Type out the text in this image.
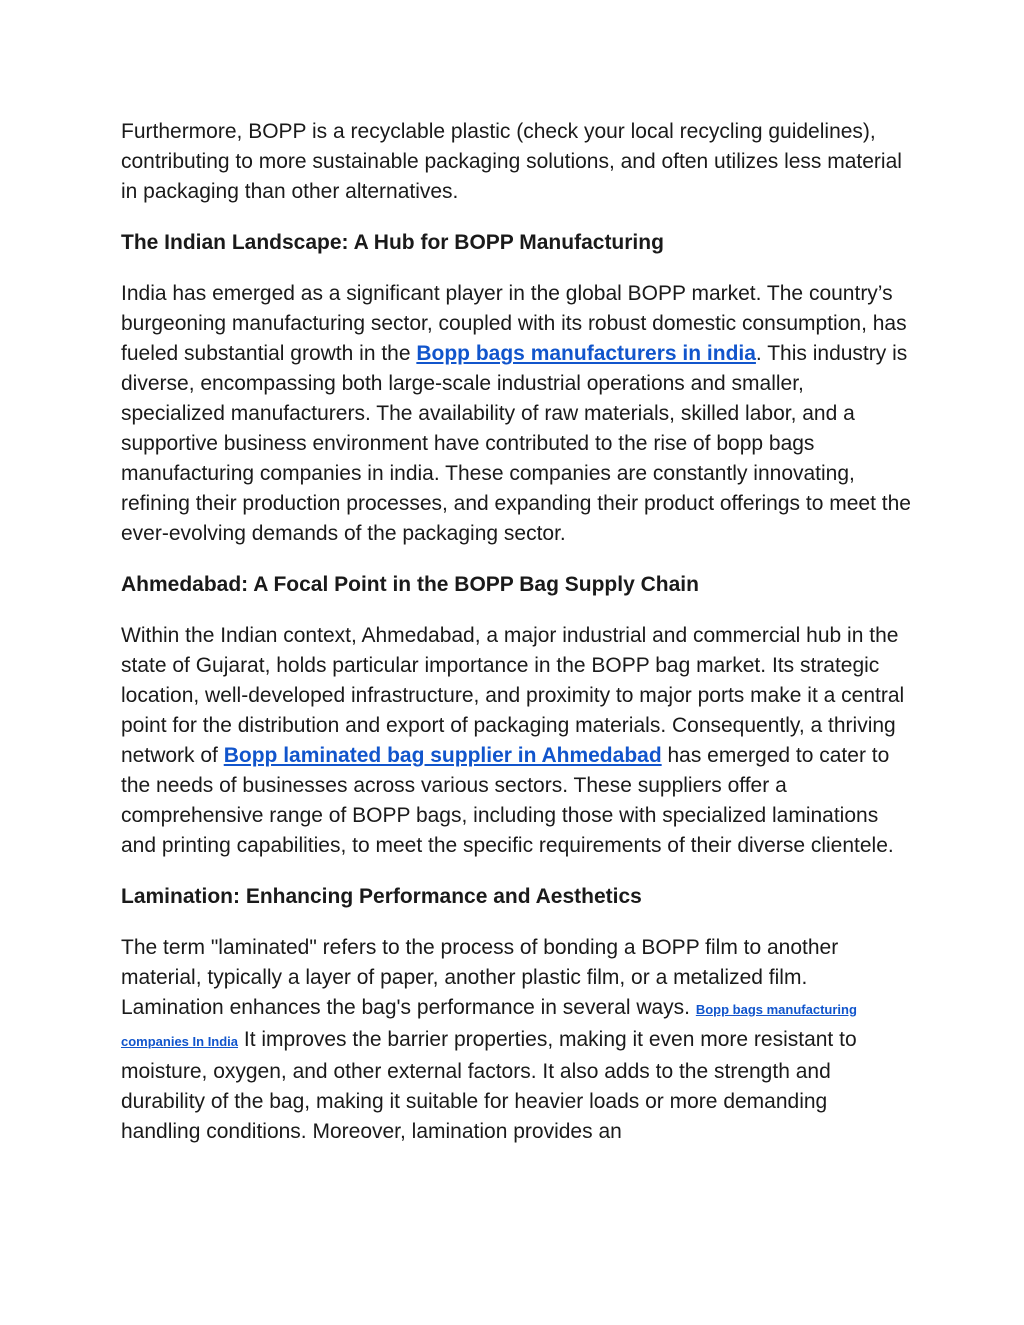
Furthermore, BOPP is a recyclable plastic (check your local recycling guidelines), contributing to more sustainable packaging solutions, and often utilizes less material in packaging than other alternatives.

The Indian Landscape: A Hub for BOPP Manufacturing

India has emerged as a significant player in the global BOPP market. The country’s burgeoning manufacturing sector, coupled with its robust domestic consumption, has fueled substantial growth in the Bopp bags manufacturers in india. This industry is diverse, encompassing both large-scale industrial operations and smaller, specialized manufacturers. The availability of raw materials, skilled labor, and a supportive business environment have contributed to the rise of bopp bags manufacturing companies in india. These companies are constantly innovating, refining their production processes, and expanding their product offerings to meet the ever-evolving demands of the packaging sector.

Ahmedabad: A Focal Point in the BOPP Bag Supply Chain

Within the Indian context, Ahmedabad, a major industrial and commercial hub in the state of Gujarat, holds particular importance in the BOPP bag market. Its strategic location, well-developed infrastructure, and proximity to major ports make it a central point for the distribution and export of packaging materials. Consequently, a thriving network of Bopp laminated bag supplier in Ahmedabad has emerged to cater to the needs of businesses across various sectors. These suppliers offer a comprehensive range of BOPP bags, including those with specialized laminations and printing capabilities, to meet the specific requirements of their diverse clientele.

Lamination: Enhancing Performance and Aesthetics

The term "laminated" refers to the process of bonding a BOPP film to another material, typically a layer of paper, another plastic film, or a metalized film. Lamination enhances the bag's performance in several ways. Bopp bags manufacturing companies In India It improves the barrier properties, making it even more resistant to moisture, oxygen, and other external factors. It also adds to the strength and durability of the bag, making it suitable for heavier loads or more demanding handling conditions. Moreover, lamination provides an
